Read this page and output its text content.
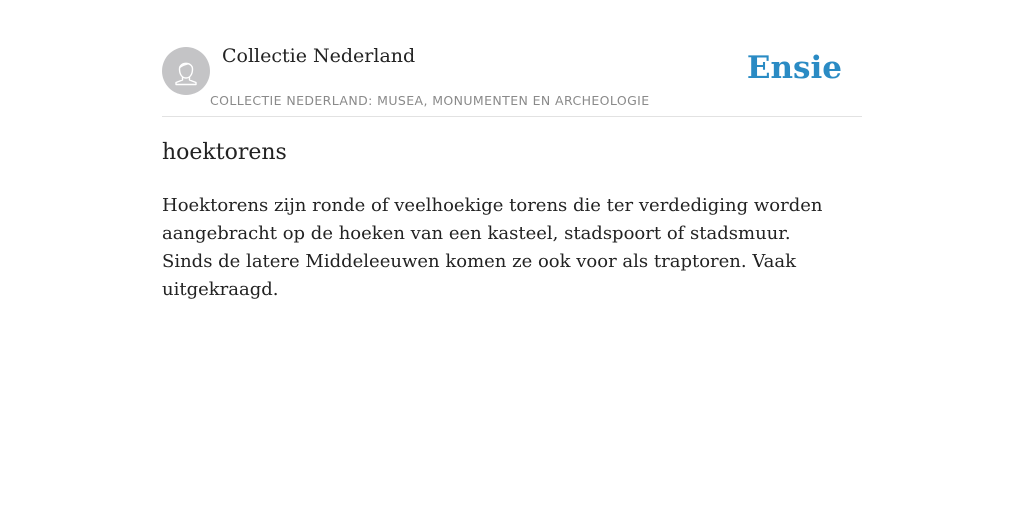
Collectie Nederland
COLLECTIE NEDERLAND: MUSEA, MONUMENTEN EN ARCHEOLOGIE
Ensie
hoektorens

Hoektorens zijn ronde of veelhoekige torens die ter verdediging worden aangebracht op de hoeken van een kasteel, stadspoort of stadsmuur. Sinds de latere Middeleeuwen komen ze ook voor als traptoren. Vaak uitgekraagd.
